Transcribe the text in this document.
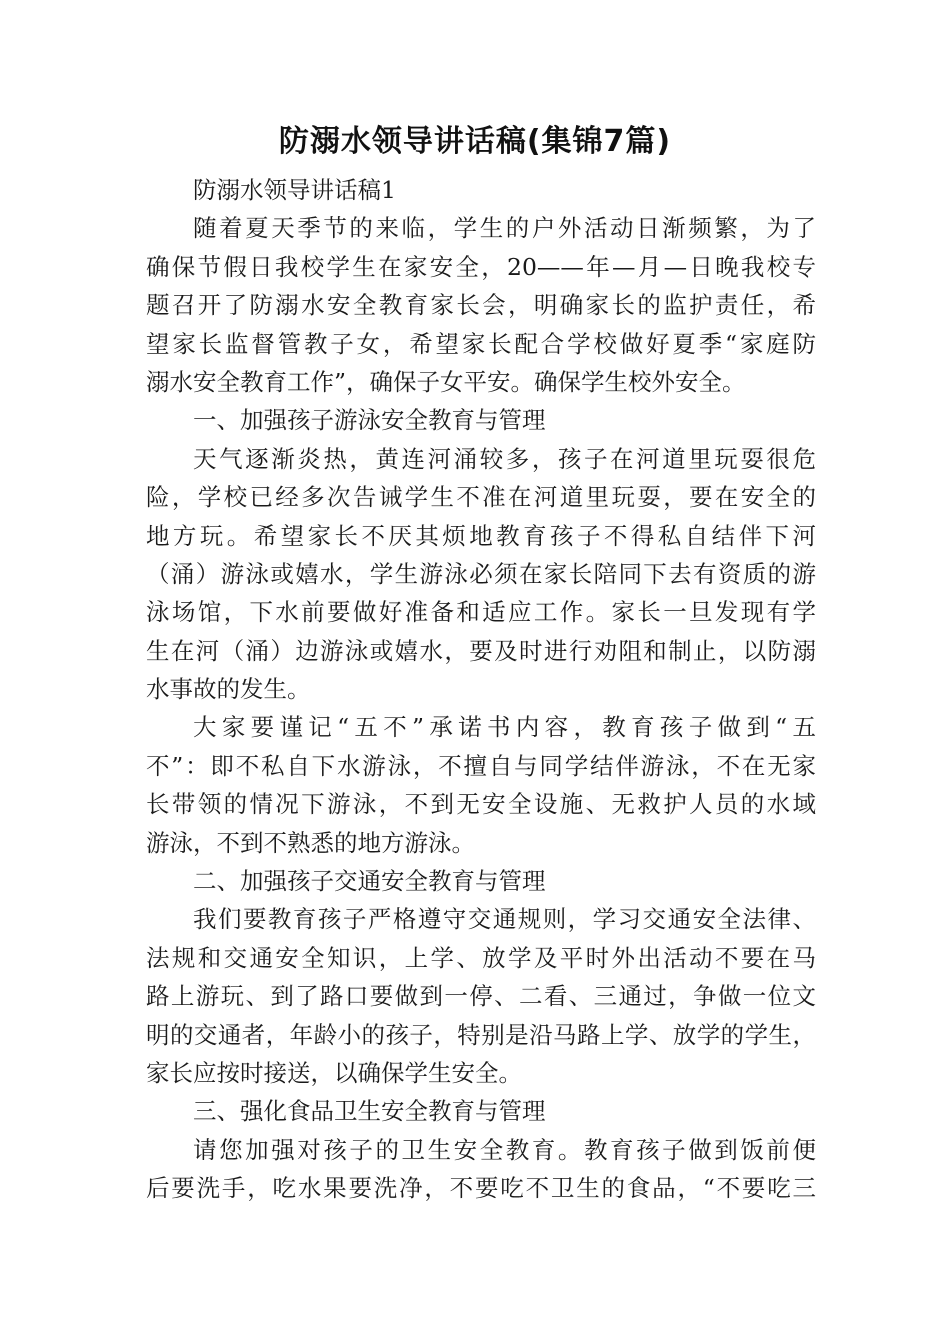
防溺水领导讲话稿(集锦7篇)
防溺水领导讲话稿1
随着夏天季节的来临，学生的户外活动日渐频繁，为了
确保节假日我校学生在家安全，20——年—月—日晚我校专
题召开了防溺水安全教育家长会，明确家长的监护责任，希
望家长监督管教子女，希望家长配合学校做好夏季“家庭防
溺水安全教育工作”，确保子女平安。确保学生校外安全。
一、加强孩子游泳安全教育与管理
天气逐渐炎热，黄连河涌较多，孩子在河道里玩耍很危
险，学校已经多次告诫学生不准在河道里玩耍，要在安全的
地方玩。希望家长不厌其烦地教育孩子不得私自结伴下河
（涌）游泳或嬉水，学生游泳必须在家长陪同下去有资质的游
泳场馆，下水前要做好准备和适应工作。家长一旦发现有学
生在河（涌）边游泳或嬉水，要及时进行劝阻和制止，以防溺
水事故的发生。
大家要谨记“五不”承诺书内容，教育孩子做到“五
不”：即不私自下水游泳，不擅自与同学结伴游泳，不在无家
长带领的情况下游泳，不到无安全设施、无救护人员的水域
游泳，不到不熟悉的地方游泳。
二、加强孩子交通安全教育与管理
我们要教育孩子严格遵守交通规则，学习交通安全法律、
法规和交通安全知识，上学、放学及平时外出活动不要在马
路上游玩、到了路口要做到一停、二看、三通过，争做一位文
明的交通者，年龄小的孩子，特别是沿马路上学、放学的学生，
家长应按时接送，以确保学生安全。
三、强化食品卫生安全教育与管理
请您加强对孩子的卫生安全教育。教育孩子做到饭前便
后要洗手，吃水果要洗净，不要吃不卫生的食品，“不要吃三
